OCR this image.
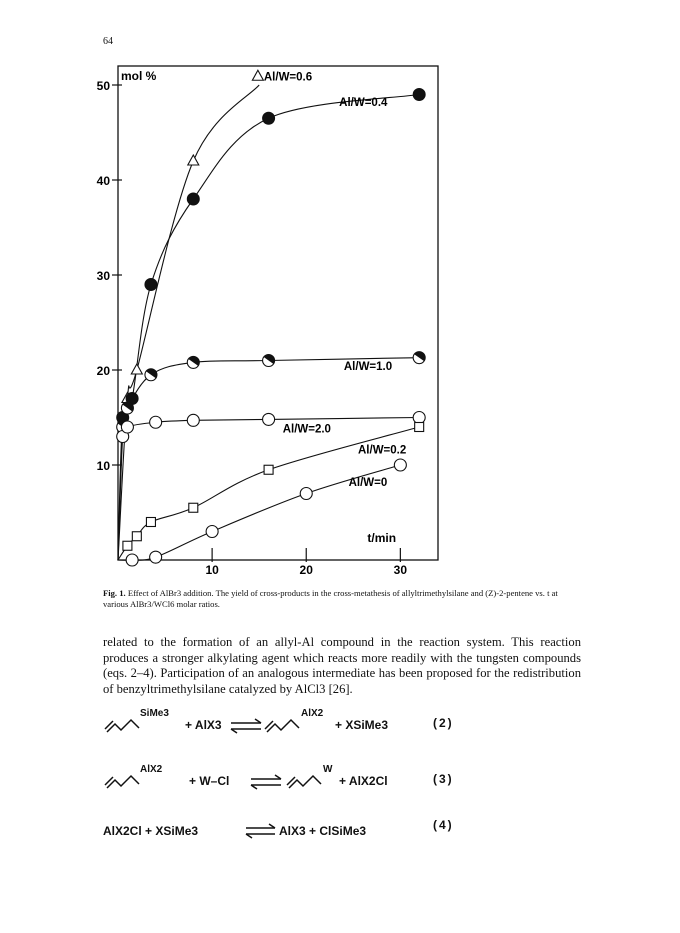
64
10
20
30
40
50
10	20	30
mol %
t/min
Al/W=0.6
Al/W=0.4
Al/W=1.0
Al/W=2.0
Al/W=0.2
Al/W=0
Fig. 1. Effect of AlBr3 addition. The yield of cross-products in the cross-metathesis of allyltrimethylsilane and (Z)-2-pentene vs. t at various AlBr3/WCl6 molar ratios.
related to the formation of an allyl-Al compound in the reaction system. This reaction produces a stronger alkylating agent which reacts more readily with the tungsten compounds (eqs. 2–4). Participation of an analogous intermediate has been proposed for the redistribution of benzyltrimethylsilane catalyzed by AlCl3 [26].
SiMe3
+ AlX3
AlX2
+ XSiMe3	(2)
AlX2
+ W–Cl
W
+ AlX2Cl	(3)
AlX2Cl + XSiMe3	AlX3 + ClSiMe3	(4)
